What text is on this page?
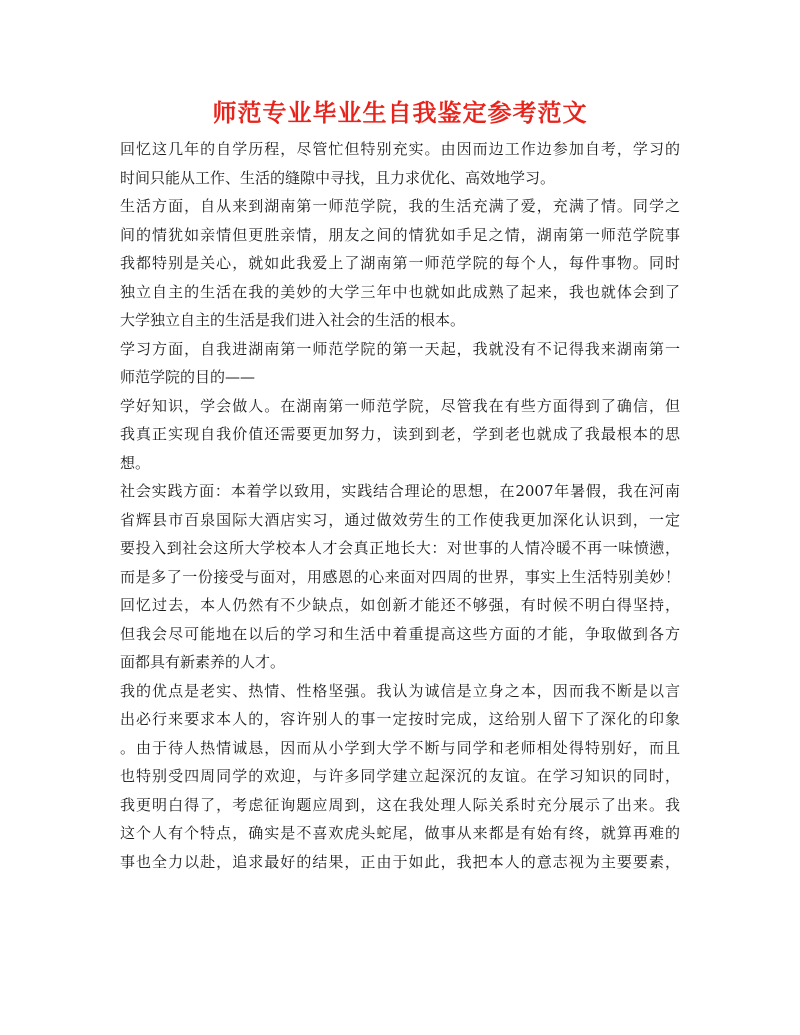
师范专业毕业生自我鉴定参考范文
回忆这几年的自学历程，尽管忙但特别充实。由因而边工作边参加自考，学习的
时间只能从工作、生活的缝隙中寻找，且力求优化、高效地学习。
生活方面，自从来到湖南第一师范学院，我的生活充满了爱，充满了情。同学之
间的情犹如亲情但更胜亲情，朋友之间的情犹如手足之情，湖南第一师范学院事
我都特别是关心，就如此我爱上了湖南第一师范学院的每个人，每件事物。同时
独立自主的生活在我的美妙的大学三年中也就如此成熟了起来，我也就体会到了
大学独立自主的生活是我们进入社会的生活的根本。
学习方面，自我进湖南第一师范学院的第一天起，我就没有不记得我来湖南第一
师范学院的目的——
学好知识，学会做人。在湖南第一师范学院，尽管我在有些方面得到了确信，但
我真正实现自我价值还需要更加努力，读到到老，学到老也就成了我最根本的思
想。
社会实践方面：本着学以致用，实践结合理论的思想，在2007年暑假，我在河南
省辉县市百泉国际大酒店实习，通过做效劳生的工作使我更加深化认识到，一定
要投入到社会这所大学校本人才会真正地长大：对世事的人情冷暖不再一味愤懑，
而是多了一份接受与面对，用感恩的心来面对四周的世界，事实上生活特别美妙！
回忆过去，本人仍然有不少缺点，如创新才能还不够强，有时候不明白得坚持，
但我会尽可能地在以后的学习和生活中着重提高这些方面的才能，争取做到各方
面都具有新素养的人才。
我的优点是老实、热情、性格坚强。我认为诚信是立身之本，因而我不断是以言
出必行来要求本人的，容许别人的事一定按时完成，这给别人留下了深化的印象
。由于待人热情诚恳，因而从小学到大学不断与同学和老师相处得特别好，而且
也特别受四周同学的欢迎，与许多同学建立起深沉的友谊。在学习知识的同时，
我更明白得了，考虑征询题应周到，这在我处理人际关系时充分展示了出来。我
这个人有个特点，确实是不喜欢虎头蛇尾，做事从来都是有始有终，就算再难的
事也全力以赴，追求最好的结果，正由于如此，我把本人的意志视为主要要素，
